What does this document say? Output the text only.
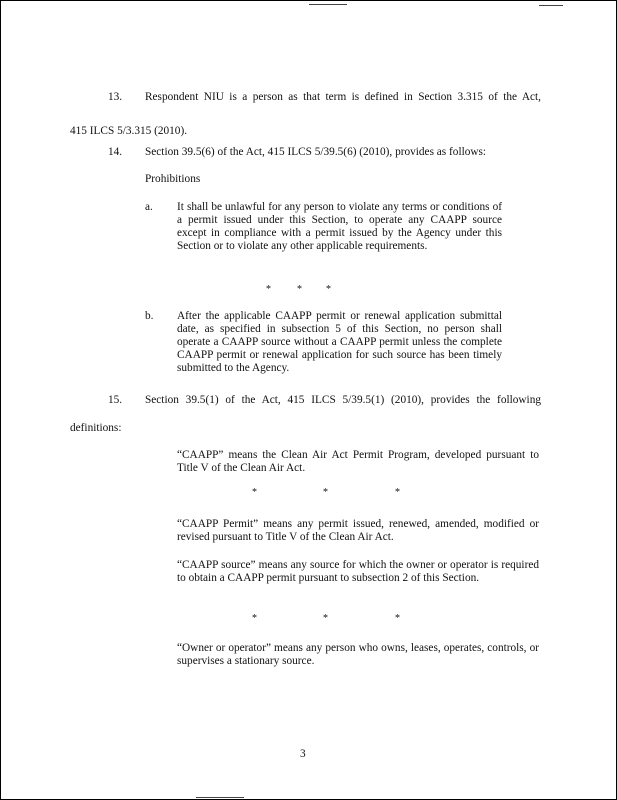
13. Respondent NIU is a person as that term is defined in Section 3.315 of the Act,
415 ILCS 5/3.315 (2010).
14. Section 39.5(6) of the Act, 415 ILCS 5/39.5(6) (2010), provides as follows:
Prohibitions
a. It shall be unlawful for any person to violate any terms or conditions of a permit issued under this Section, to operate any CAAPP source except in compliance with a permit issued by the Agency under this Section or to violate any other applicable requirements.
*	* *
b. After the applicable CAAPP permit or renewal application submittal date, as specified in subsection 5 of this Section, no person shall operate a CAAPP source without a CAAPP permit unless the complete CAAPP permit or renewal application for such source has been timely submitted to the Agency.
15. Section 39.5(1) of the Act, 415 ILCS 5/39.5(1) (2010), provides the following
definitions:
“CAAPP” means the Clean Air Act Permit Program, developed pursuant to Title V of the Clean Air Act.
*	*	*
“CAAPP Permit” means any permit issued, renewed, amended, modified or revised pursuant to Title V of the Clean Air Act.
“CAAPP source” means any source for which the owner or operator is required to obtain a CAAPP permit pursuant to subsection 2 of this Section.
*	*	*
“Owner or operator” means any person who owns, leases, operates, controls, or supervises a stationary source.
3
